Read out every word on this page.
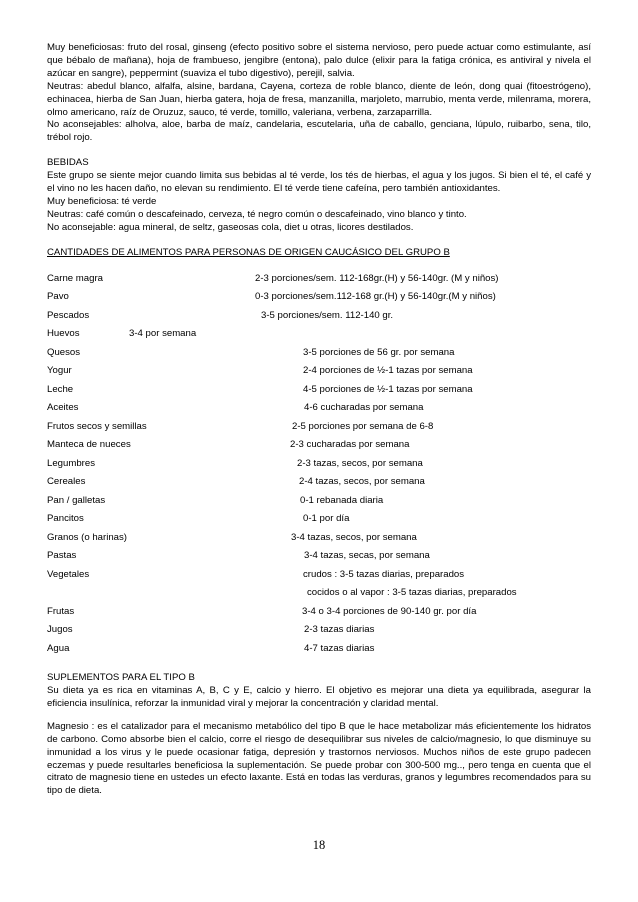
Muy beneficiosas: fruto del rosal, ginseng (efecto positivo sobre el sistema nervioso, pero puede actuar como estimulante, así que bébalo de mañana), hoja de frambueso, jengibre (entona), palo dulce (elixir para la fatiga crónica, es antiviral y nivela el azúcar en sangre), peppermint (suaviza el tubo digestivo), perejil, salvia.

Neutras: abedul blanco, alfalfa, alsine, bardana, Cayena, corteza de roble blanco, diente de león, dong quai (fitoestrógeno), echinacea, hierba de San Juan, hierba gatera, hoja de fresa, manzanilla, marjoleto, marrubio, menta verde, milenrama, morera, olmo americano, raíz de Oruzuz, sauco, té verde, tomillo, valeriana, verbena, zarzaparrilla.

No aconsejables: alholva, aloe, barba de maíz, candelaria, escutelaria, uña de caballo, genciana, lúpulo, ruibarbo, sena, tilo, trébol rojo.

BEBIDAS

Este grupo se siente mejor cuando limita sus bebidas al té verde, los tés de hierbas, el agua y los jugos. Si bien el té, el café y el vino no les hacen daño, no elevan su rendimiento. El té verde tiene cafeína, pero también antioxidantes.

Muy beneficiosa: té verde

Neutras: café común o descafeinado, cerveza, té negro común o descafeinado, vino blanco y tinto.

No aconsejable: agua mineral, de seltz, gaseosas cola, diet u otras, licores destilados.

CANTIDADES DE ALIMENTOS PARA PERSONAS DE ORIGEN CAUCÁSICO DEL GRUPO B

Carne magra	2-3 porciones/sem. 112-168gr.(H) y 56-140gr. (M y niños)
Pavo	0-3 porciones/sem.112-168 gr.(H) y 56-140gr.(M y niños)
Pescados	3-5 porciones/sem. 112-140 gr.
Huevos	3-4 por semana
Quesos	3-5 porciones de 56 gr. por semana
Yogur	2-4 porciones de ½-1 tazas por semana
Leche	4-5 porciones de ½-1 tazas por semana
Aceites	4-6 cucharadas por semana
Frutos secos y semillas	2-5 porciones por semana de 6-8
Manteca de nueces	2-3 cucharadas por semana
Legumbres	2-3 tazas, secos, por semana
Cereales	2-4 tazas, secos, por semana
Pan / galletas	0-1 rebanada diaria
Pancitos	0-1 por día
Granos (o harinas)	3-4 tazas, secos, por semana
Pastas	3-4 tazas, secas, por semana
Vegetales	crudos : 3-5 tazas diarias, preparados
cocidos o al vapor : 3-5 tazas diarias, preparados
Frutas	3-4 o 3-4 porciones de 90-140 gr. por día
Jugos	2-3 tazas diarias
Agua	4-7 tazas diarias

SUPLEMENTOS PARA EL TIPO B

Su dieta ya es rica en vitaminas A, B, C y E, calcio y hierro. El objetivo es mejorar una dieta ya equilibrada, asegurar la eficiencia insulínica, reforzar la inmunidad viral y mejorar la concentración y claridad mental.

Magnesio : es el catalizador para el mecanismo metabólico del tipo B que le hace metabolizar más eficientemente los hidratos de carbono. Como absorbe bien el calcio, corre el riesgo de desequilibrar sus niveles de calcio/magnesio, lo que disminuye su inmunidad a los virus y le puede ocasionar fatiga, depresión y trastornos nerviosos. Muchos niños de este grupo padecen eczemas y puede resultarles beneficiosa la suplementación. Se puede probar con 300-500 mg.., pero tenga en cuenta que el citrato de magnesio tiene en ustedes un efecto laxante. Está en todas las verduras, granos y legumbres recomendados para su tipo de dieta.

18
